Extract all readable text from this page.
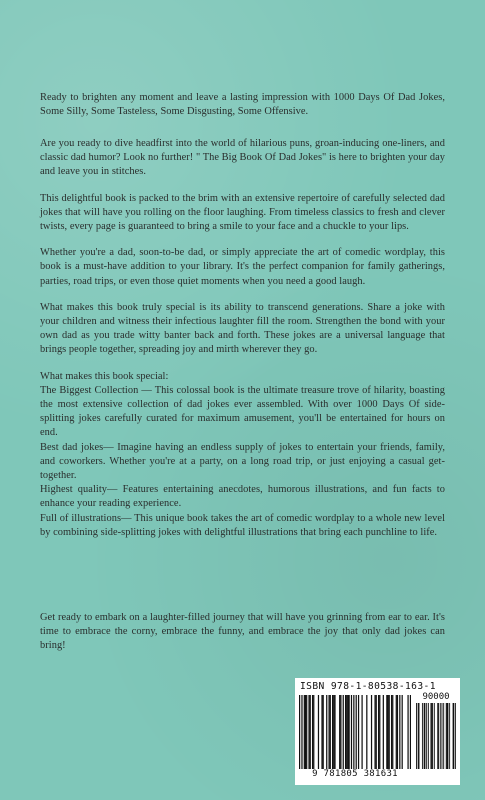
Ready to brighten any moment and leave a lasting impression with 1000 Days Of Dad Jokes, Some Silly, Some Tasteless, Some Disgusting, Some Offensive.

Are you ready to dive headfirst into the world of hilarious puns, groan-inducing one-liners, and classic dad humor? Look no further! " The Big Book Of Dad Jokes" is here to brighten your day and leave you in stitches.

This delightful book is packed to the brim with an extensive repertoire of carefully selected dad jokes that will have you rolling on the floor laughing. From timeless classics to fresh and clever twists, every page is guaranteed to bring a smile to your face and a chuckle to your lips.

Whether you're a dad, soon-to-be dad, or simply appreciate the art of comedic wordplay, this book is a must-have addition to your library. It's the perfect companion for family gatherings, parties, road trips, or even those quiet moments when you need a good laugh.

What makes this book truly special is its ability to transcend generations. Share a joke with your children and witness their infectious laughter fill the room. Strengthen the bond with your own dad as you trade witty banter back and forth. These jokes are a universal language that brings people together, spreading joy and mirth wherever they go.

What makes this book special:
The Biggest Collection — This colossal book is the ultimate treasure trove of hilarity, boasting the most extensive collection of dad jokes ever assembled. With over 1000 Days Of side-splitting jokes carefully curated for maximum amusement, you'll be entertained for hours on end.
Best dad jokes— Imagine having an endless supply of jokes to entertain your friends, family, and coworkers. Whether you're at a party, on a long road trip, or just enjoying a casual get-together.
Highest quality— Features entertaining anecdotes, humorous illustrations, and fun facts to enhance your reading experience.
Full of illustrations— This unique book takes the art of comedic wordplay to a whole new level by combining side-splitting jokes with delightful illustrations that bring each punchline to life.
Get ready to embark on a laughter-filled journey that will have you grinning from ear to ear. It's time to embrace the corny, embrace the funny, and embrace the joy that only dad jokes can bring!
ISBN 978-1-80538-163-1
90000
9 781805 381631
